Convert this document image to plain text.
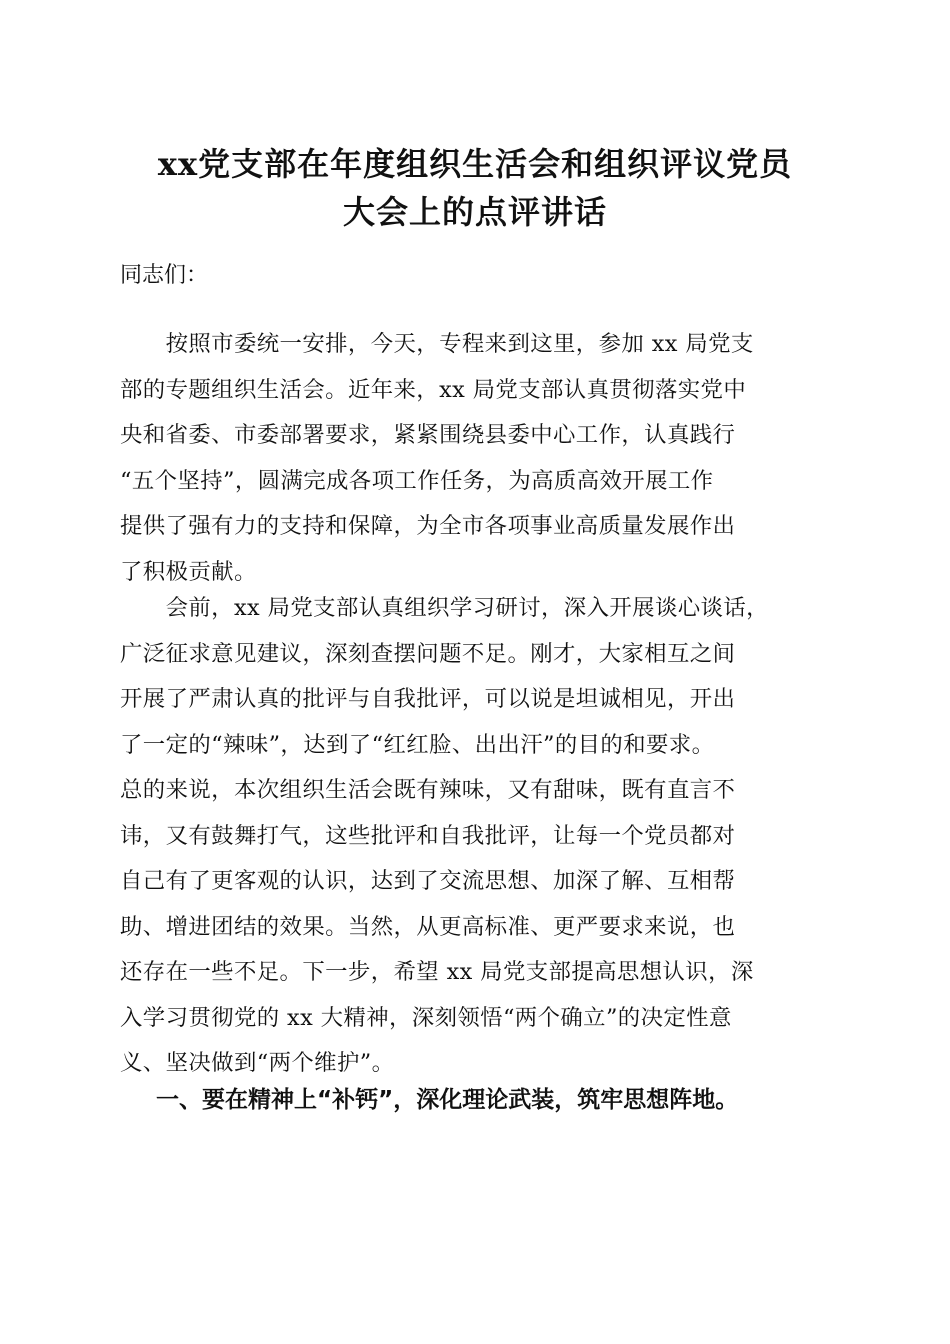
xx党支部在年度组织生活会和组织评议党员
大会上的点评讲话

同志们：

　　按照市委统一安排，今天，专程来到这里，参加 xx 局党支
部的专题组织生活会。近年来，xx 局党支部认真贯彻落实党中
央和省委、市委部署要求，紧紧围绕县委中心工作，认真践行
“五个坚持”，圆满完成各项工作任务，为高质高效开展工作
提供了强有力的支持和保障，为全市各项事业高质量发展作出
了积极贡献。

　　会前，xx 局党支部认真组织学习研讨，深入开展谈心谈话，
广泛征求意见建议，深刻查摆问题不足。刚才，大家相互之间
开展了严肃认真的批评与自我批评，可以说是坦诚相见，开出
了一定的“辣味”，达到了“红红脸、出出汗”的目的和要求。
总的来说，本次组织生活会既有辣味，又有甜味，既有直言不
讳，又有鼓舞打气，这些批评和自我批评，让每一个党员都对
自己有了更客观的认识，达到了交流思想、加深了解、互相帮
助、增进团结的效果。当然，从更高标准、更严要求来说，也
还存在一些不足。下一步，希望 xx 局党支部提高思想认识，深
入学习贯彻党的 xx 大精神，深刻领悟“两个确立”的决定性意
义、坚决做到“两个维护”。

一、要在精神上“补钙”，深化理论武装，筑牢思想阵地。
